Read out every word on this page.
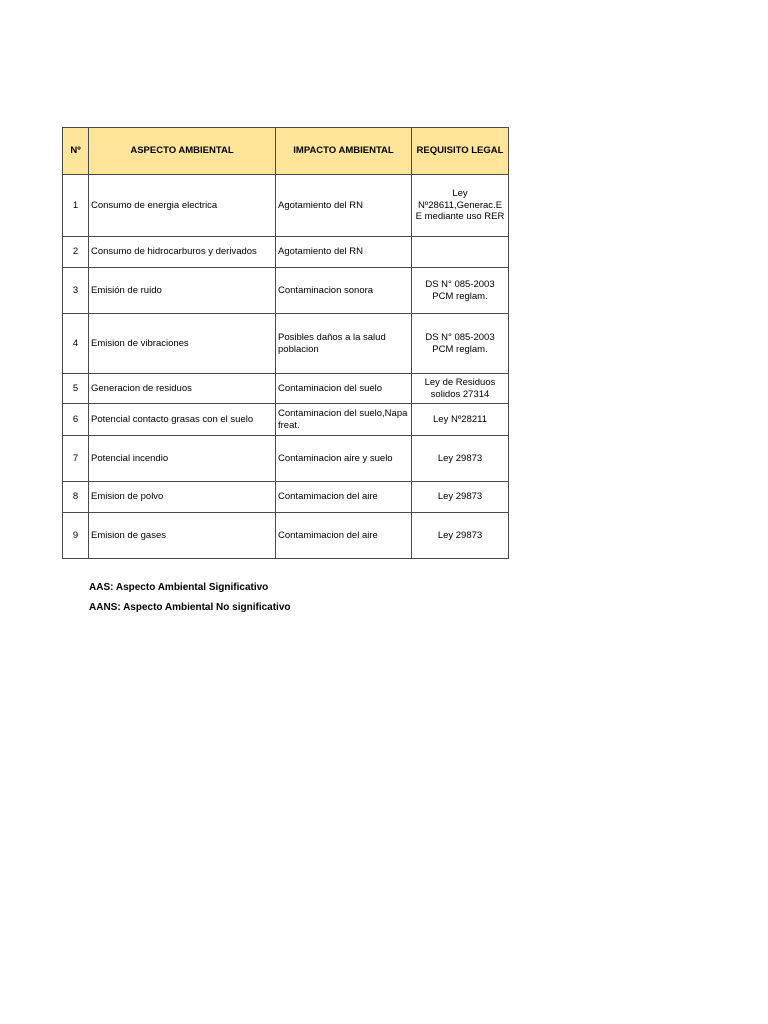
Nº	ASPECTO AMBIENTAL	IMPACTO AMBIENTAL	REQUISITO LEGAL
1	Consumo de energia electrica	Agotamiento del RN	Ley Nº28611,Generac.E E mediante uso RER
2	Consumo de hidrocarburos y derivados	Agotamiento del RN	
3	Emisión de ruido	Contaminacion sonora	DS N° 085-2003 PCM reglam.
4	Emision de vibraciones	Posibles daños a la salud poblacion	DS N° 085-2003 PCM reglam.
5	Generacion de residuos	Contaminacion del suelo	Ley de Residuos solidos 27314
6	Potencial contacto grasas con el suelo	Contaminacion del suelo,Napa freat.	Ley Nº28211
7	Potencial incendio	Contaminacion aire y suelo	Ley 29873
8	Emision de polvo	Contamimacion del aire	Ley 29873
9	Emision de gases	Contamimacion del aire	Ley 29873
AAS: Aspecto Ambiental Significativo
AANS: Aspecto Ambiental No significativo
